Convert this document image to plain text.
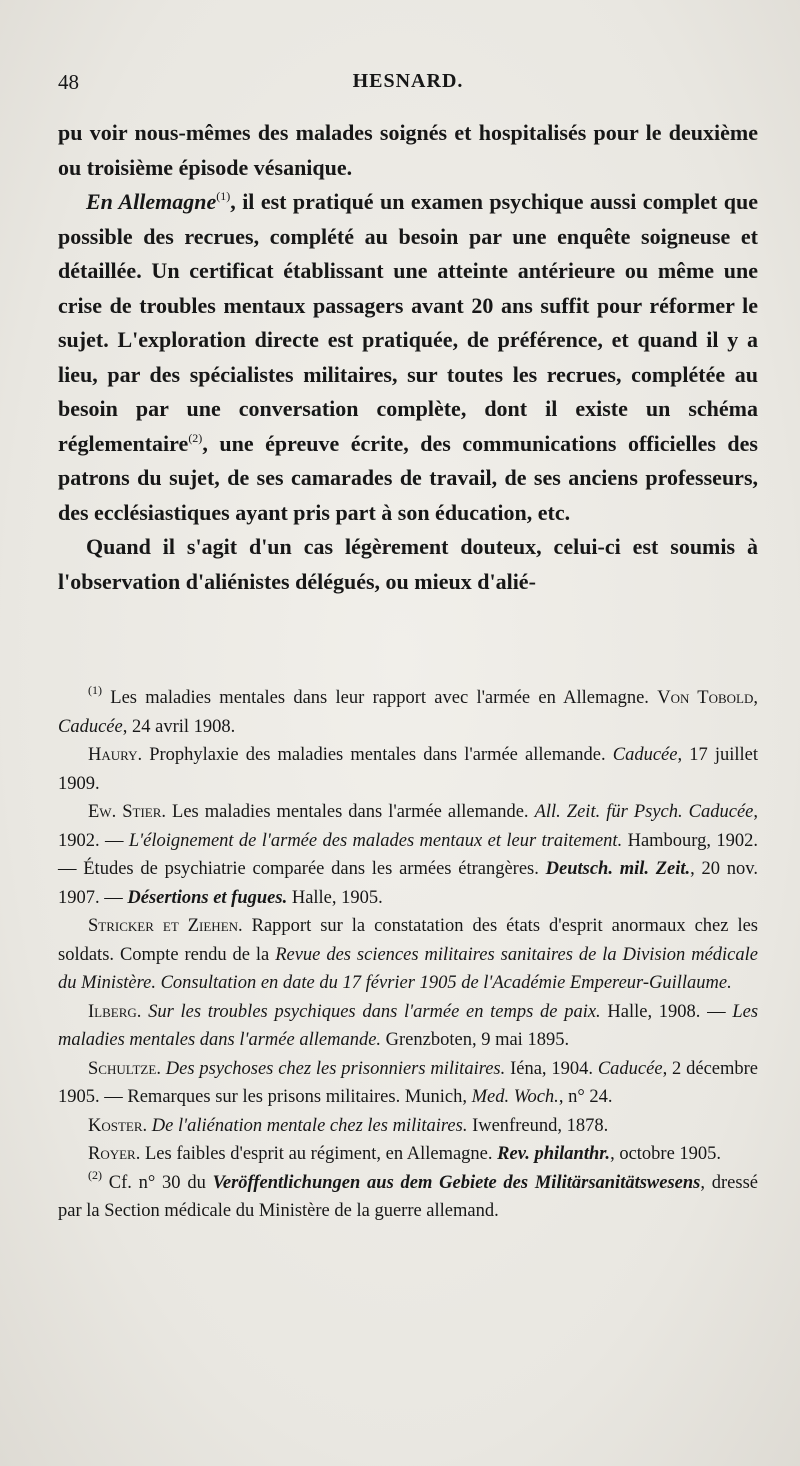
48	HESNARD.

pu voir nous-mêmes des malades soignés et hospitalisés pour le deuxième ou troisième épisode vésanique.

En Allemagne$^{(1)}$, il est pratiqué un examen psychique aussi complet que possible des recrues, complété au besoin par une enquête soigneuse et détaillée. Un certificat établissant une atteinte antérieure ou même une crise de troubles mentaux passagers avant 20 ans suffit pour réformer le sujet. L'exploration directe est pratiquée, de préférence, et quand il y a lieu, par des spécialistes militaires, sur toutes les recrues, complétée au besoin par une conversation complète, dont il existe un schéma réglementaire$^{(2)}$, une épreuve écrite, des communications officielles des patrons du sujet, de ses camarades de travail, de ses anciens professeurs, des ecclésiastiques ayant pris part à son éducation, etc.

Quand il s'agit d'un cas légèrement douteux, celui-ci est soumis à l'observation d'aliénistes délégués, ou mieux d'alié-

$^{(1)}$ Les maladies mentales dans leur rapport avec l'armée en Allemagne. Von Tobold, Caducée, 24 avril 1908.

Haury. Prophylaxie des maladies mentales dans l'armée allemande. Caducée, 17 juillet 1909.

Ew. Stier. Les maladies mentales dans l'armée allemande. All. Zeit. für Psych. Caducée, 1902. — L'éloignement de l'armée des malades mentaux et leur traitement. Hambourg, 1902. — Études de psychiatrie comparée dans les armées étrangères. Deutsch. mil. Zeit., 20 nov. 1907. — Désertions et fugues. Halle, 1905.

Stricker et Ziehen. Rapport sur la constatation des états d'esprit anormaux chez les soldats. Compte rendu de la Revue des sciences militaires sanitaires de la Division médicale du Ministère. Consultation en date du 17 février 1905 de l'Académie Empereur-Guillaume.

Ilberg. Sur les troubles psychiques dans l'armée en temps de paix. Halle, 1908. — Les maladies mentales dans l'armée allemande. Grenzboten, 9 mai 1895.

Schultze. Des psychoses chez les prisonniers militaires. Iéna, 1904. Caducée, 2 décembre 1905. — Remarques sur les prisons militaires. Munich, Med. Woch., n° 24.

Koster. De l'aliénation mentale chez les militaires. Iwenfreund, 1878.

Royer. Les faibles d'esprit au régiment, en Allemagne. Rev. philanthr., octobre 1905.

$^{(2)}$ Cf. n° 30 du Veröffentlichungen aus dem Gebiete des Militärsanitätswesens, dressé par la Section médicale du Ministère de la guerre allemand.
